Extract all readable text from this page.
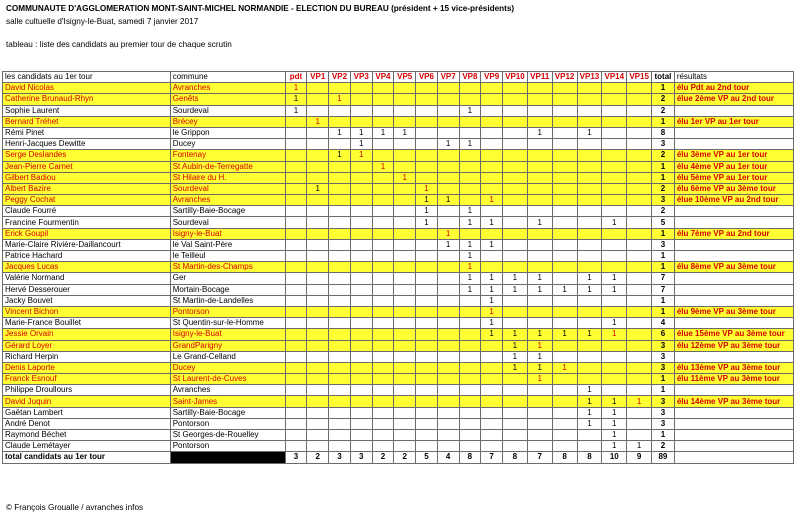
COMMUNAUTE D'AGGLOMERATION MONT-SAINT-MICHEL NORMANDIE - ELECTION DU BUREAU (président + 15 vice-présidents)
salle cultuelle d'Isigny-le-Buat, samedi 7 janvier 2017
tableau : liste des candidats au premier tour de chaque scrutin
les candidats au 1er tour	commune	pdt	VP1	VP2	VP3	VP4	VP5	VP6	VP7	VP8	VP9	VP10	VP11	VP12	VP13	VP14	VP15	total	résultats
David Nicolas	Avranches	1																1	élu Pdt au 2nd tour
Catherine Brunaud-Rhyn	Genêts	1		1														2	élue 2ème VP au 2nd tour
Sophie Laurent	Sourdeval	1								1								2	
Bernard Tréhet	Brécey		1															1	élu 1er VP au 1er tour
Rémi Pinet	le Grippon			1	1	1	1						1		1			8	
Henri-Jacques Dewitte	Ducey				1				1	1								3	
Serge Deslandes	Fontenay			1	1													2	élu 3ème VP au 1er tour
Jean-Pierre Carnet	St Aubin-de-Terregatte					1												1	élu 4ème VP au 1er tour
Gilbert Badiou	St Hilaire du H.						1											1	élu 5ème VP au 1er tour
Albert Bazire	Sourdeval		1					1										2	élu 6ème VP au 3ème tour
Peggy Cochat	Avranches							1	1		1							3	élue 10ème VP au 2nd tour
Claude Fourré	Sartilly-Baie-Bocage							1		1								2	
Francine Fourmentin	Sourdeval							1		1	1		1			1		5	
Erick Goupil	Isigny-le-Buat								1									1	élu 7ème VP au 2nd tour
Marie-Claire Rivière-Daillancourt	le Val Saint-Père								1	1	1							3	
Patrice Hachard	le Teilleul									1								1	
Jacques Lucas	St Martin-des-Champs									1								1	élu 8ème VP au 3ème tour
Valérie Normand	Ger									1	1	1	1		1	1		7	
Hervé Desserouer	Mortain-Bocage									1	1	1	1	1	1	1		7	
Jacky Bouvet	St Martin-de-Landelles										1							1	
Vincent Bichon	Pontorson										1							1	élu 9ème VP au 3ème tour
Marie-France Bouillet	St Quentin-sur-le-Homme										1					1		4	
Jessie Orvain	Isigny-le-Buat										1	1	1	1	1	1		6	élue 15ème VP au 3ème tour
Gérard Loyer	GrandParigny											1	1					3	élu 12ème VP au 3ème tour
Richard Herpin	Le Grand-Celland											1	1					3	
Denis Laporte	Ducey											1	1	1				3	élu 13ème VP au 3ème tour
Franck Esnouf	St Laurent-de-Cuves												1					1	élu 11ème VP au 3ème tour
Philippe Droullours	Avranches														1			1	
David Juquin	Saint-James														1	1	1	3	élu 14ème VP au 3ème tour
Gaëtan Lambert	Sartilly-Baie-Bocage														1	1		3	
André Denot	Pontorson														1	1		3	
Raymond Béchet	St Georges-de-Rouelley															1		1	
Claude Lemétayer	Pontorson															1	1	2	
total candidats au 1er tour		3	2	3	3	2	2	5	4	8	7	8	7	8	8	10	9	89	
© François Groualle / avranches infos
